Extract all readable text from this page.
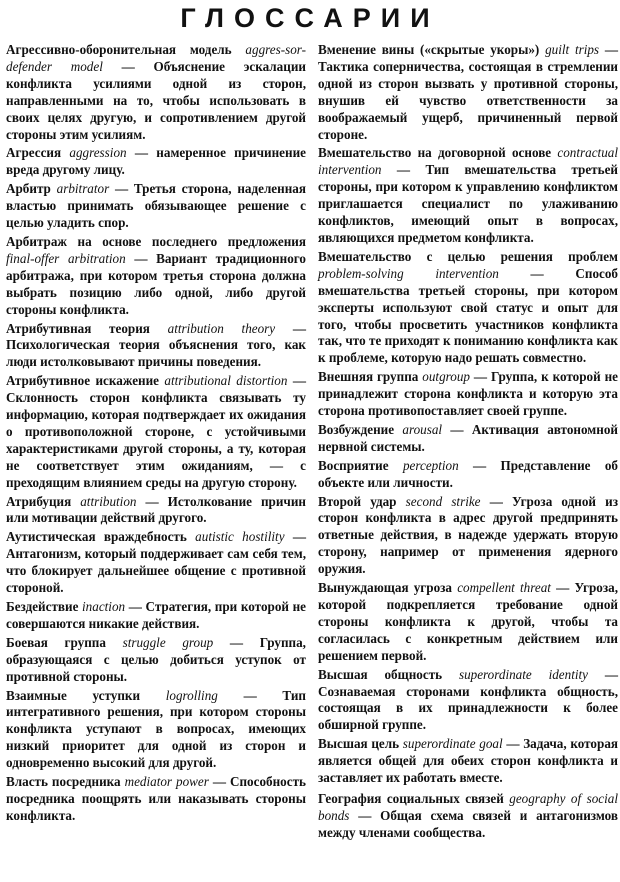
ГЛОССАРИИ

Агрессивно-оборонительная модель aggres-sor-defender model — Объяснение эскалации конфликта усилиями одной из сторон, направленными на то, чтобы использовать в своих целях другую, и сопротивлением другой стороны этим усилиям.

Агрессия aggression — намеренное причинение вреда другому лицу.

Арбитр arbitrator — Третья сторона, наделенная властью принимать обязывающее решение с целью уладить спор.

Арбитраж на основе последнего предложения final-offer arbitration — Вариант традиционного арбитража, при котором третья сторона должна выбрать позицию либо одной, либо другой стороны конфликта.

Атрибутивная теория attribution theory — Психологическая теория объяснения того, как люди истолковывают причины поведения.

Атрибутивное искажение attributional distortion — Склонность сторон конфликта связывать ту информацию, которая подтверждает их ожидания о противоположной стороне, с устойчивыми характеристиками другой стороны, а ту, которая не соответствует этим ожиданиям, — с преходящим влиянием среды на другую сторону.

Атрибуция attribution — Истолкование причин или мотивации действий другого.

Аутистическая враждебность autistic hostility — Антагонизм, который поддерживает сам себя тем, что блокирует дальнейшее общение с противной стороной.

Бездействие inaction — Стратегия, при которой не совершаются никакие действия.

Боевая группа struggle group — Группа, образующаяся с целью добиться уступок от противной стороны.

Взаимные уступки logrolling — Тип интегративного решения, при котором стороны конфликта уступают в вопросах, имеющих низкий приоритет для одной из сторон и одновременно высокий для другой.

Власть посредника mediator power — Способность посредника поощрять или наказывать стороны конфликта.

Вменение вины («скрытые укоры») guilt trips — Тактика соперничества, состоящая в стремлении одной из сторон вызвать у противной стороны, внушив ей чувство ответственности за воображаемый ущерб, причиненный первой стороне.

Вмешательство на договорной основе contractual intervention — Тип вмешательства третьей стороны, при котором к управлению конфликтом приглашается специалист по улаживанию конфликтов, имеющий опыт в вопросах, являющихся предметом конфликта.

Вмешательство с целью решения проблем problem-solving intervention — Способ вмешательства третьей стороны, при котором эксперты используют свой статус и опыт для того, чтобы просветить участников конфликта так, что те приходят к пониманию конфликта как к проблеме, которую надо решать совместно.

Внешняя группа outgroup — Группа, к которой не принадлежит сторона конфликта и которую эта сторона противопоставляет своей группе.

Возбуждение arousal — Активация автономной нервной системы.

Восприятие perception — Представление об объекте или личности.

Второй удар second strike — Угроза одной из сторон конфликта в адрес другой предпринять ответные действия, в надежде удержать вторую сторону, например от применения ядерного оружия.

Вынуждающая угроза compellent threat — Угроза, которой подкрепляется требование одной стороны конфликта к другой, чтобы та согласилась с конкретным действием или решением первой.

Высшая общность superordinate identity — Сознаваемая сторонами конфликта общность, состоящая в их принадлежности к более обширной группе.

Высшая цель superordinate goal — Задача, которая является общей для обеих сторон конфликта и заставляет их работать вместе.

География социальных связей geography of social bonds — Общая схема связей и антагонизмов между членами сообщества.
